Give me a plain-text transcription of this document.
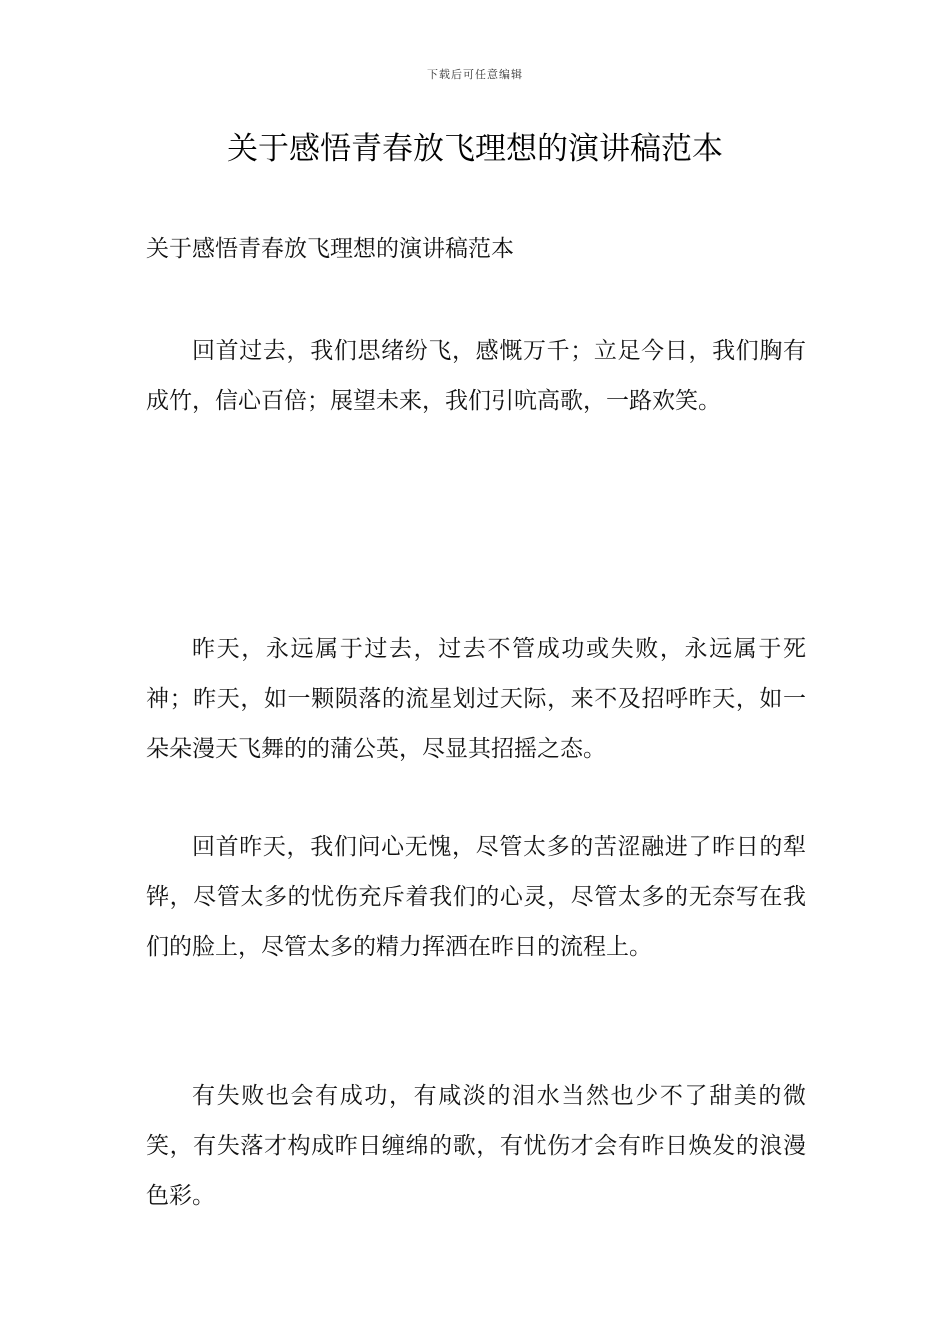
下载后可任意编辑
关于感悟青春放飞理想的演讲稿范本

关于感悟青春放飞理想的演讲稿范本

回首过去，我们思绪纷飞，感慨万千；立足今日，我们胸有成竹，信心百倍；展望未来，我们引吭高歌，一路欢笑。

昨天，永远属于过去，过去不管成功或失败，永远属于死神；昨天，如一颗陨落的流星划过天际，来不及招呼昨天，如一朵朵漫天飞舞的的蒲公英，尽显其招摇之态。

回首昨天，我们问心无愧，尽管太多的苦涩融进了昨日的犁铧，尽管太多的忧伤充斥着我们的心灵，尽管太多的无奈写在我们的脸上，尽管太多的精力挥洒在昨日的流程上。

有失败也会有成功，有咸淡的泪水当然也少不了甜美的微笑，有失落才构成昨日缠绵的歌，有忧伤才会有昨日焕发的浪漫色彩。
